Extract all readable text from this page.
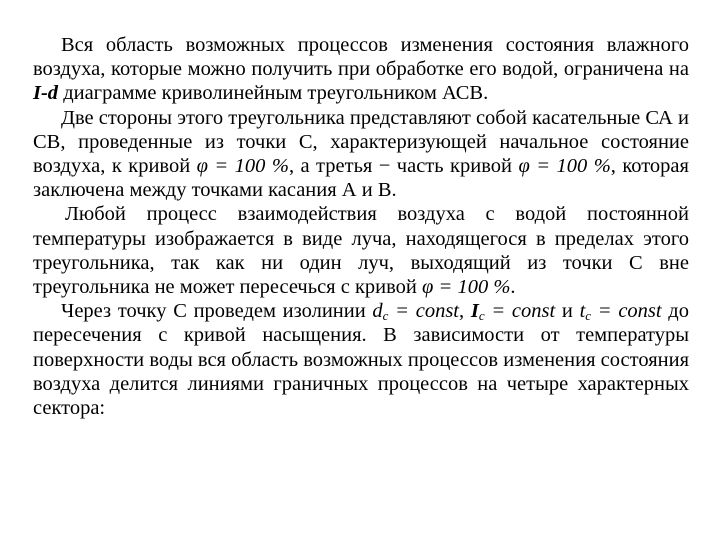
Вся область возможных процессов изменения состояния влажного воздуха, которые можно получить при обработке его водой, ограничена на I-d диаграмме криволинейным треугольником АСВ.

Две стороны этого треугольника представляют собой касательные СА и СВ, проведенные из точки С, характеризующей начальное состояние воздуха, к кривой φ = 100 %, а третья − часть кривой φ = 100 %, которая заключена между точками касания А и В.

Любой процесс взаимодействия воздуха с водой постоянной температуры изображается в виде луча, находящегося в пределах этого треугольника, так как ни один луч, выходящий из точки С вне треугольника не может пересечься с кривой φ = 100 %.

Через точку С проведем изолинии $d_c$ = const, $I_c$ = const и $t_c$ = const до пересечения с кривой насыщения. В зависимости от температуры поверхности воды вся область возможных процессов изменения состояния воздуха делится линиями граничных процессов на четыре характерных сектора:
